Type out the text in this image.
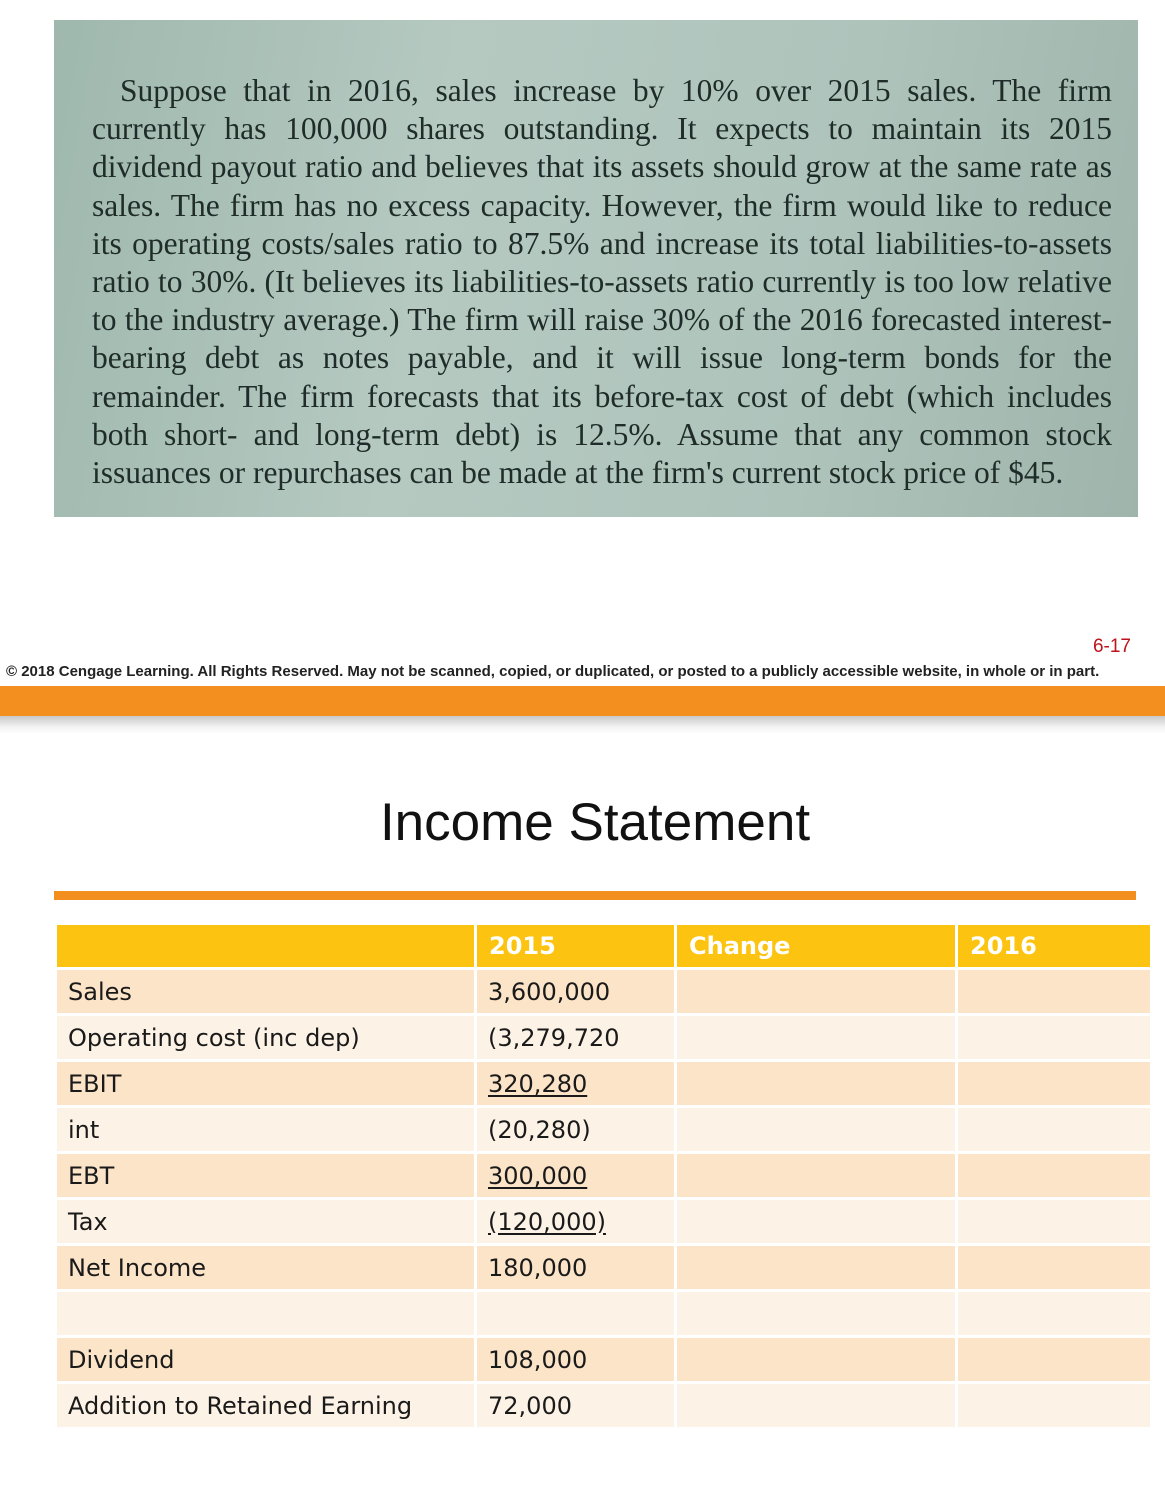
Suppose that in 2016, sales increase by 10% over 2015 sales. The firm currently has 100,000 shares outstanding. It expects to maintain its 2015 dividend payout ratio and believes that its assets should grow at the same rate as sales. The firm has no excess capacity. However, the firm would like to reduce its operating costs/sales ratio to 87.5% and increase its total liabilities-to-assets ratio to 30%. (It believes its liabilities-to-assets ratio currently is too low relative to the industry average.) The firm will raise 30% of the 2016 forecasted interest-bearing debt as notes payable, and it will issue long-term bonds for the remainder. The firm forecasts that its before-tax cost of debt (which includes both short- and long-term debt) is 12.5%. Assume that any common stock issuances or repurchases can be made at the firm's current stock price of $45.

6-17
© 2018 Cengage Learning. All Rights Reserved. May not be scanned, copied, or duplicated, or posted to a publicly accessible website, in whole or in part.
Income Statement
	2015	Change	2016
Sales	3,600,000		
Operating cost (inc dep)	(3,279,720		
EBIT	320,280		
int	(20,280)		
EBT	300,000		
Tax	(120,000)		
Net Income	180,000		

Dividend	108,000		
Addition to Retained Earning	72,000		
